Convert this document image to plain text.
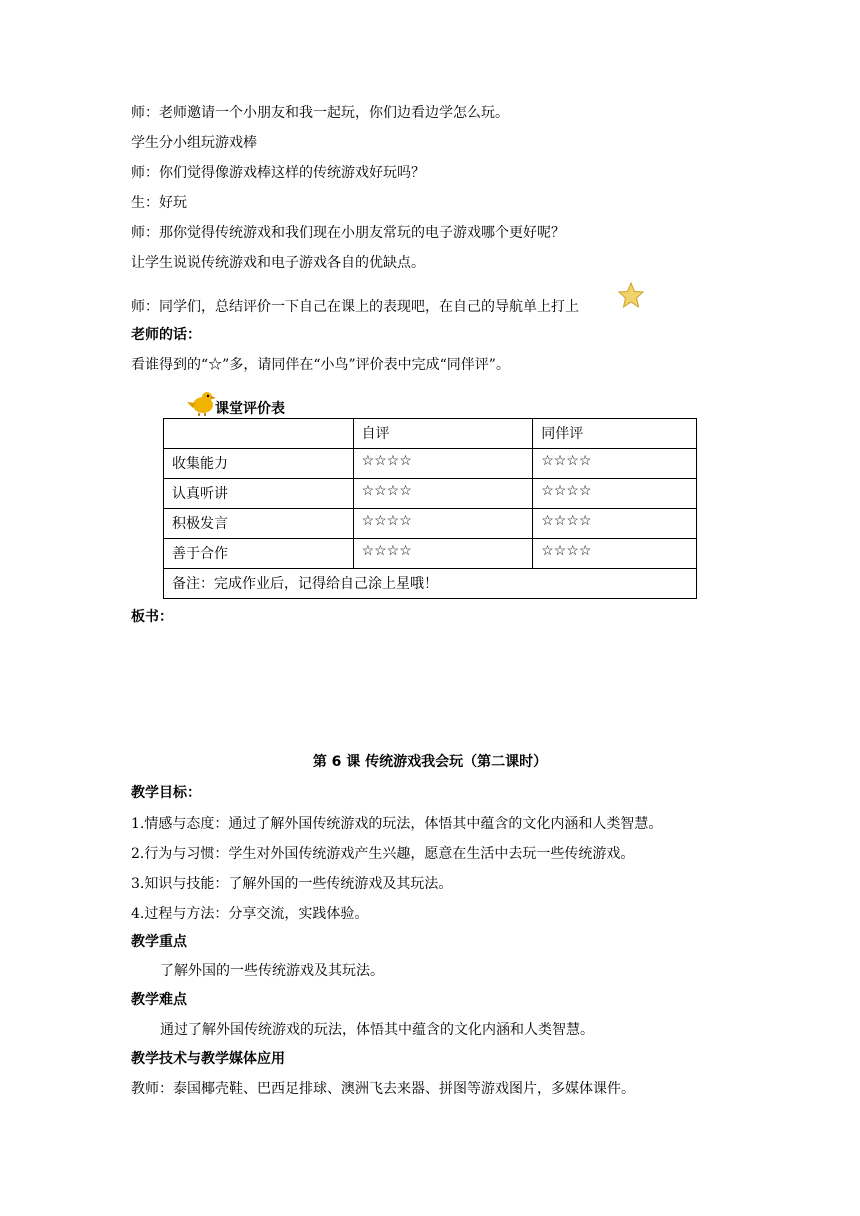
师：老师邀请一个小朋友和我一起玩，你们边看边学怎么玩。
学生分小组玩游戏棒
师：你们觉得像游戏棒这样的传统游戏好玩吗？
生：好玩
师：那你觉得传统游戏和我们现在小朋友常玩的电子游戏哪个更好呢？
让学生说说传统游戏和电子游戏各自的优缺点。
师：同学们，总结评价一下自己在课上的表现吧，在自己的导航单上打上
老师的话：
看谁得到的“☆”多，请同伴在“小鸟”评价表中完成“同伴评”。
课堂评价表
	自评	同伴评
收集能力	☆☆☆☆	☆☆☆☆
认真听讲	☆☆☆☆	☆☆☆☆
积极发言	☆☆☆☆	☆☆☆☆
善于合作	☆☆☆☆	☆☆☆☆
备注：完成作业后，记得给自己涂上星哦！		
板书：
第 6 课 传统游戏我会玩（第二课时）
教学目标：
1.情感与态度：通过了解外国传统游戏的玩法，体悟其中蕴含的文化内涵和人类智慧。
2.行为与习惯：学生对外国传统游戏产生兴趣，愿意在生活中去玩一些传统游戏。
3.知识与技能：了解外国的一些传统游戏及其玩法。
4.过程与方法：分享交流，实践体验。
教学重点
了解外国的一些传统游戏及其玩法。
教学难点
通过了解外国传统游戏的玩法，体悟其中蕴含的文化内涵和人类智慧。
教学技术与教学媒体应用
教师：泰国椰壳鞋、巴西足排球、澳洲飞去来器、拼图等游戏图片，多媒体课件。
